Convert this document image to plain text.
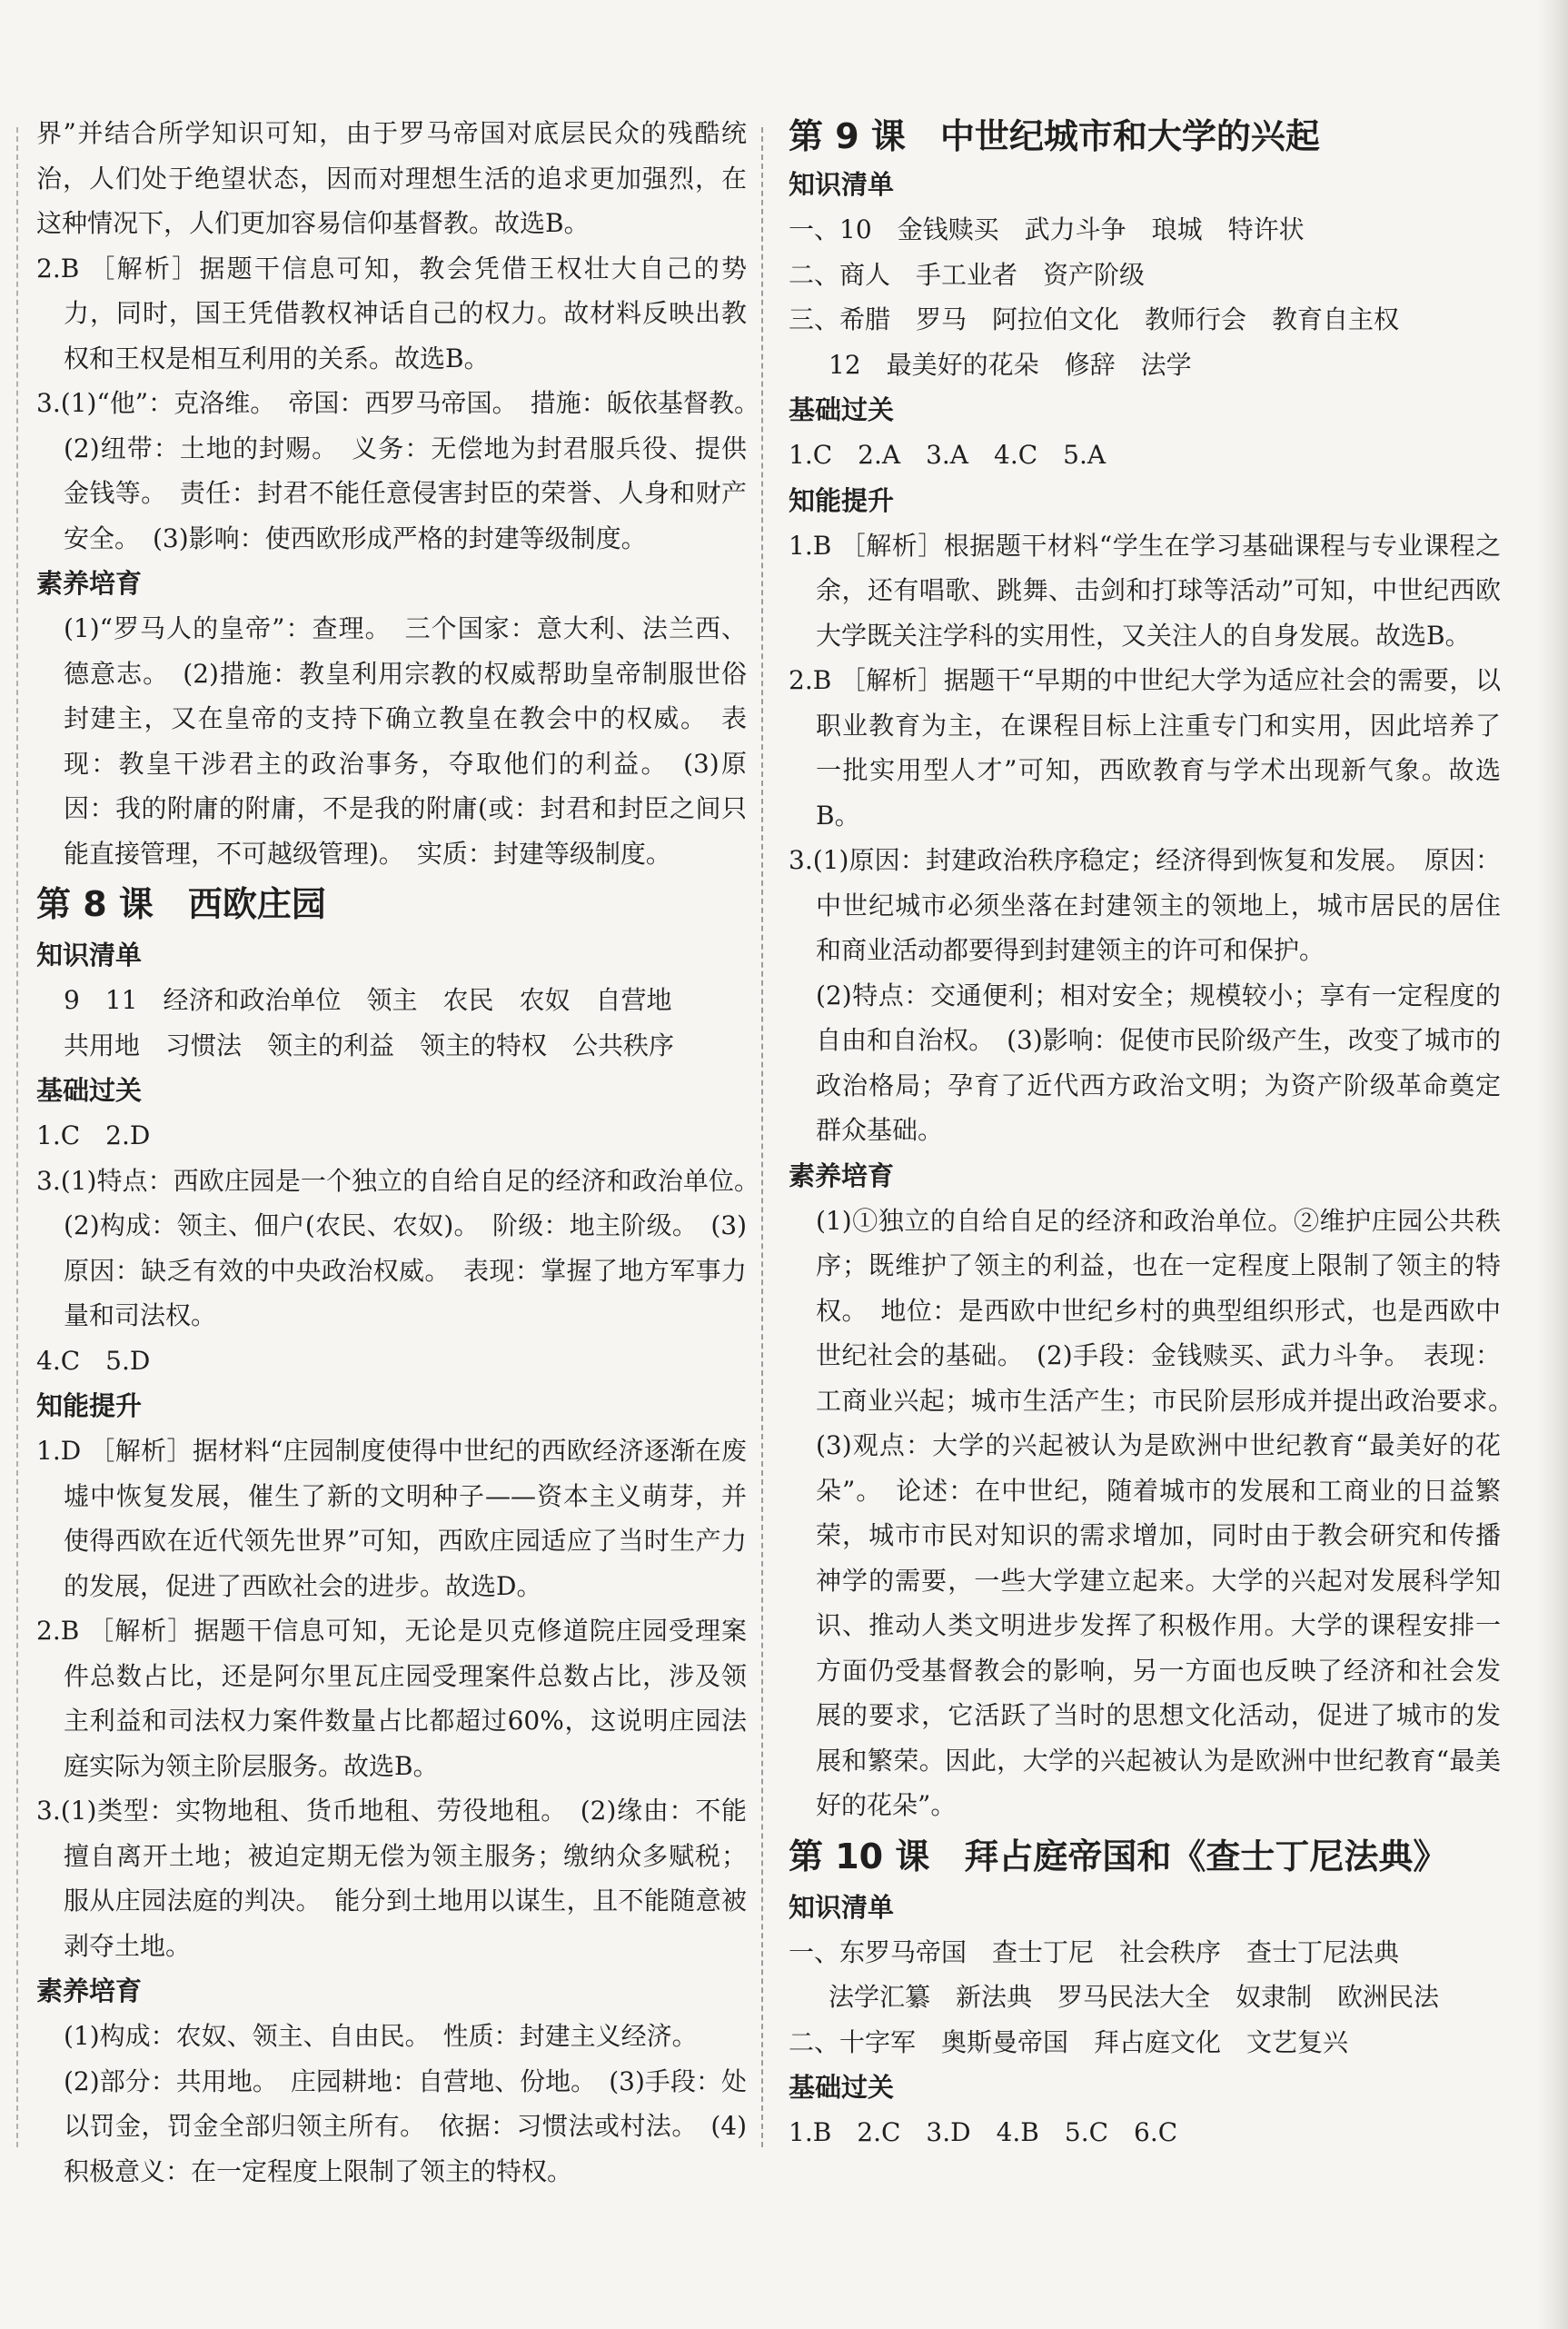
界”并结合所学知识可知，由于罗马帝国对底层民众的残酷统治，人们处于绝望状态，因而对理想生活的追求更加强烈，在这种情况下，人们更加容易信仰基督教。故选B。

2.B ［解析］据题干信息可知，教会凭借王权壮大自己的势力，同时，国王凭借教权神话自己的权力。故材料反映出教权和王权是相互利用的关系。故选B。

3.(1)“他”：克洛维。　帝国：西罗马帝国。　措施：皈依基督教。　(2)纽带：土地的封赐。　义务：无偿地为封君服兵役、提供金钱等。　责任：封君不能任意侵害封臣的荣誉、人身和财产安全。　(3)影响：使西欧形成严格的封建等级制度。

素养培育

(1)“罗马人的皇帝”：查理。　三个国家：意大利、法兰西、德意志。　(2)措施：教皇利用宗教的权威帮助皇帝制服世俗封建主，又在皇帝的支持下确立教皇在教会中的权威。　表现：教皇干涉君主的政治事务，夺取他们的利益。　(3)原因：我的附庸的附庸，不是我的附庸(或：封君和封臣之间只能直接管理，不可越级管理)。　实质：封建等级制度。

第 8 课　西欧庄园

知识清单

9　11　经济和政治单位　领主　农民　农奴　自营地

共用地　习惯法　领主的利益　领主的特权　公共秩序

基础过关

1.C　2.D

3.(1)特点：西欧庄园是一个独立的自给自足的经济和政治单位。　(2)构成：领主、佃户(农民、农奴)。　阶级：地主阶级。　(3)原因：缺乏有效的中央政治权威。　表现：掌握了地方军事力量和司法权。

4.C　5.D

知能提升

1.D ［解析］据材料“庄园制度使得中世纪的西欧经济逐渐在废墟中恢复发展，催生了新的文明种子——资本主义萌芽，并使得西欧在近代领先世界”可知，西欧庄园适应了当时生产力的发展，促进了西欧社会的进步。故选D。

2.B ［解析］据题干信息可知，无论是贝克修道院庄园受理案件总数占比，还是阿尔里瓦庄园受理案件总数占比，涉及领主利益和司法权力案件数量占比都超过60%，这说明庄园法庭实际为领主阶层服务。故选B。

3.(1)类型：实物地租、货币地租、劳役地租。　(2)缘由：不能擅自离开土地；被迫定期无偿为领主服务；缴纳众多赋税；服从庄园法庭的判决。　能分到土地用以谋生，且不能随意被剥夺土地。

素养培育

(1)构成：农奴、领主、自由民。　性质：封建主义经济。

(2)部分：共用地。　庄园耕地：自营地、份地。　(3)手段：处以罚金，罚金全部归领主所有。　依据：习惯法或村法。　(4)积极意义：在一定程度上限制了领主的特权。

第 9 课　中世纪城市和大学的兴起

知识清单

一、10　金钱赎买　武力斗争　琅城　特许状

二、商人　手工业者　资产阶级

三、希腊　罗马　阿拉伯文化　教师行会　教育自主权

12　最美好的花朵　修辞　法学

基础过关

1.C　2.A　3.A　4.C　5.A

知能提升

1.B ［解析］根据题干材料“学生在学习基础课程与专业课程之余，还有唱歌、跳舞、击剑和打球等活动”可知，中世纪西欧大学既关注学科的实用性，又关注人的自身发展。故选B。

2.B ［解析］据题干“早期的中世纪大学为适应社会的需要，以职业教育为主，在课程目标上注重专门和实用，因此培养了一批实用型人才”可知，西欧教育与学术出现新气象。故选B。

3.(1)原因：封建政治秩序稳定；经济得到恢复和发展。　原因：中世纪城市必须坐落在封建领主的领地上，城市居民的居住和商业活动都要得到封建领主的许可和保护。

(2)特点：交通便利；相对安全；规模较小；享有一定程度的自由和自治权。　(3)影响：促使市民阶级产生，改变了城市的政治格局；孕育了近代西方政治文明；为资产阶级革命奠定群众基础。

素养培育

(1)①独立的自给自足的经济和政治单位。②维护庄园公共秩序；既维护了领主的利益，也在一定程度上限制了领主的特权。　地位：是西欧中世纪乡村的典型组织形式，也是西欧中世纪社会的基础。　(2)手段：金钱赎买、武力斗争。　表现：工商业兴起；城市生活产生；市民阶层形成并提出政治要求。　(3)观点：大学的兴起被认为是欧洲中世纪教育“最美好的花朵”。　论述：在中世纪，随着城市的发展和工商业的日益繁荣，城市市民对知识的需求增加，同时由于教会研究和传播神学的需要，一些大学建立起来。大学的兴起对发展科学知识、推动人类文明进步发挥了积极作用。大学的课程安排一方面仍受基督教会的影响，另一方面也反映了经济和社会发展的要求，它活跃了当时的思想文化活动，促进了城市的发展和繁荣。因此，大学的兴起被认为是欧洲中世纪教育“最美好的花朵”。

第 10 课　拜占庭帝国和《查士丁尼法典》

知识清单

一、东罗马帝国　查士丁尼　社会秩序　查士丁尼法典

法学汇纂　新法典　罗马民法大全　奴隶制　欧洲民法

二、十字军　奥斯曼帝国　拜占庭文化　文艺复兴

基础过关

1.B　2.C　3.D　4.B　5.C　6.C
